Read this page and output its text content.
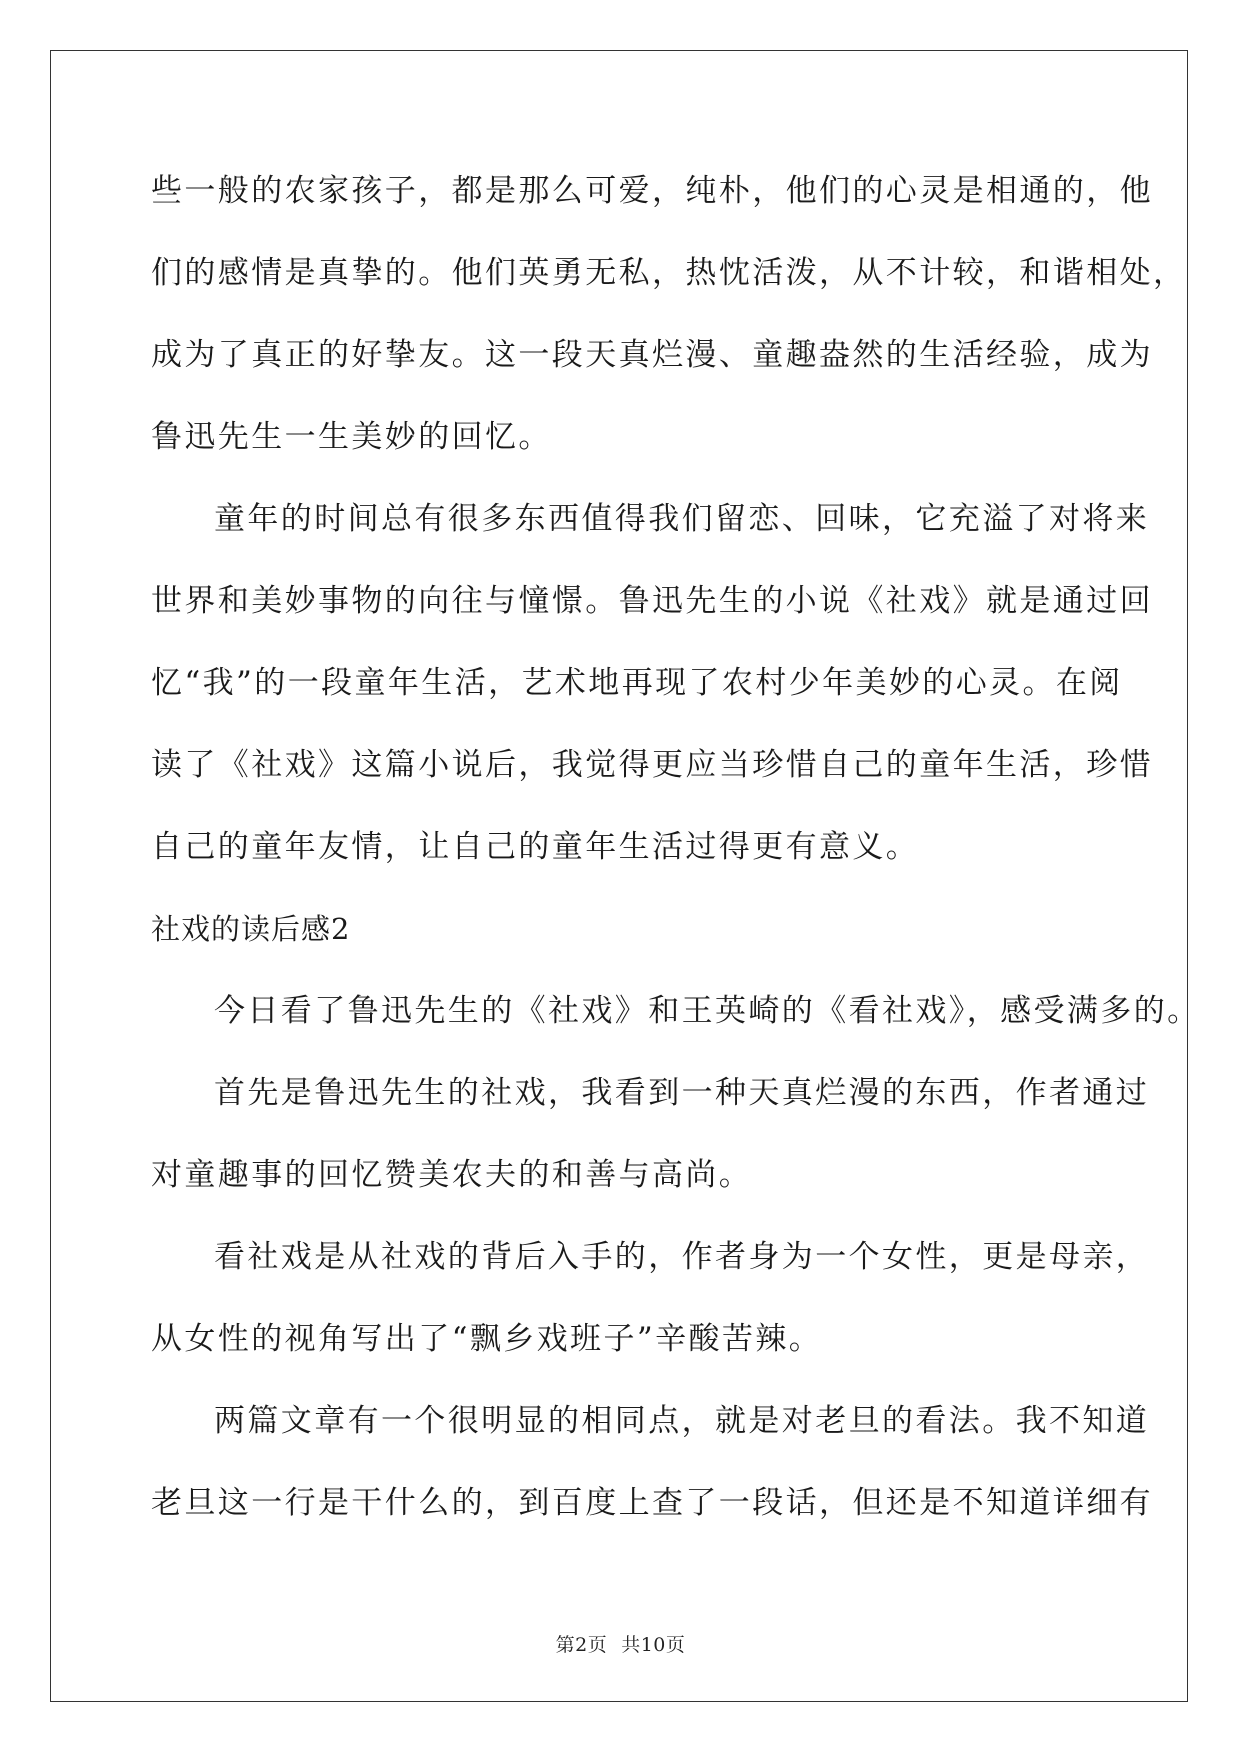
些一般的农家孩子，都是那么可爱，纯朴，他们的心灵是相通的，他
们的感情是真挚的。他们英勇无私，热忱活泼，从不计较，和谐相处，
成为了真正的好挚友。这一段天真烂漫、童趣盎然的生活经验，成为
鲁迅先生一生美妙的回忆。
童年的时间总有很多东西值得我们留恋、回味，它充溢了对将来
世界和美妙事物的向往与憧憬。鲁迅先生的小说《社戏》就是通过回
忆“我”的一段童年生活，艺术地再现了农村少年美妙的心灵。在阅
读了《社戏》这篇小说后，我觉得更应当珍惜自己的童年生活，珍惜
自己的童年友情，让自己的童年生活过得更有意义。
社戏的读后感2
今日看了鲁迅先生的《社戏》和王英崎的《看社戏》，感受满多的。
首先是鲁迅先生的社戏，我看到一种天真烂漫的东西，作者通过
对童趣事的回忆赞美农夫的和善与高尚。
看社戏是从社戏的背后入手的，作者身为一个女性，更是母亲，
从女性的视角写出了“飘乡戏班子”辛酸苦辣。
两篇文章有一个很明显的相同点，就是对老旦的看法。我不知道
老旦这一行是干什么的，到百度上查了一段话，但还是不知道详细有
第2页 共10页
